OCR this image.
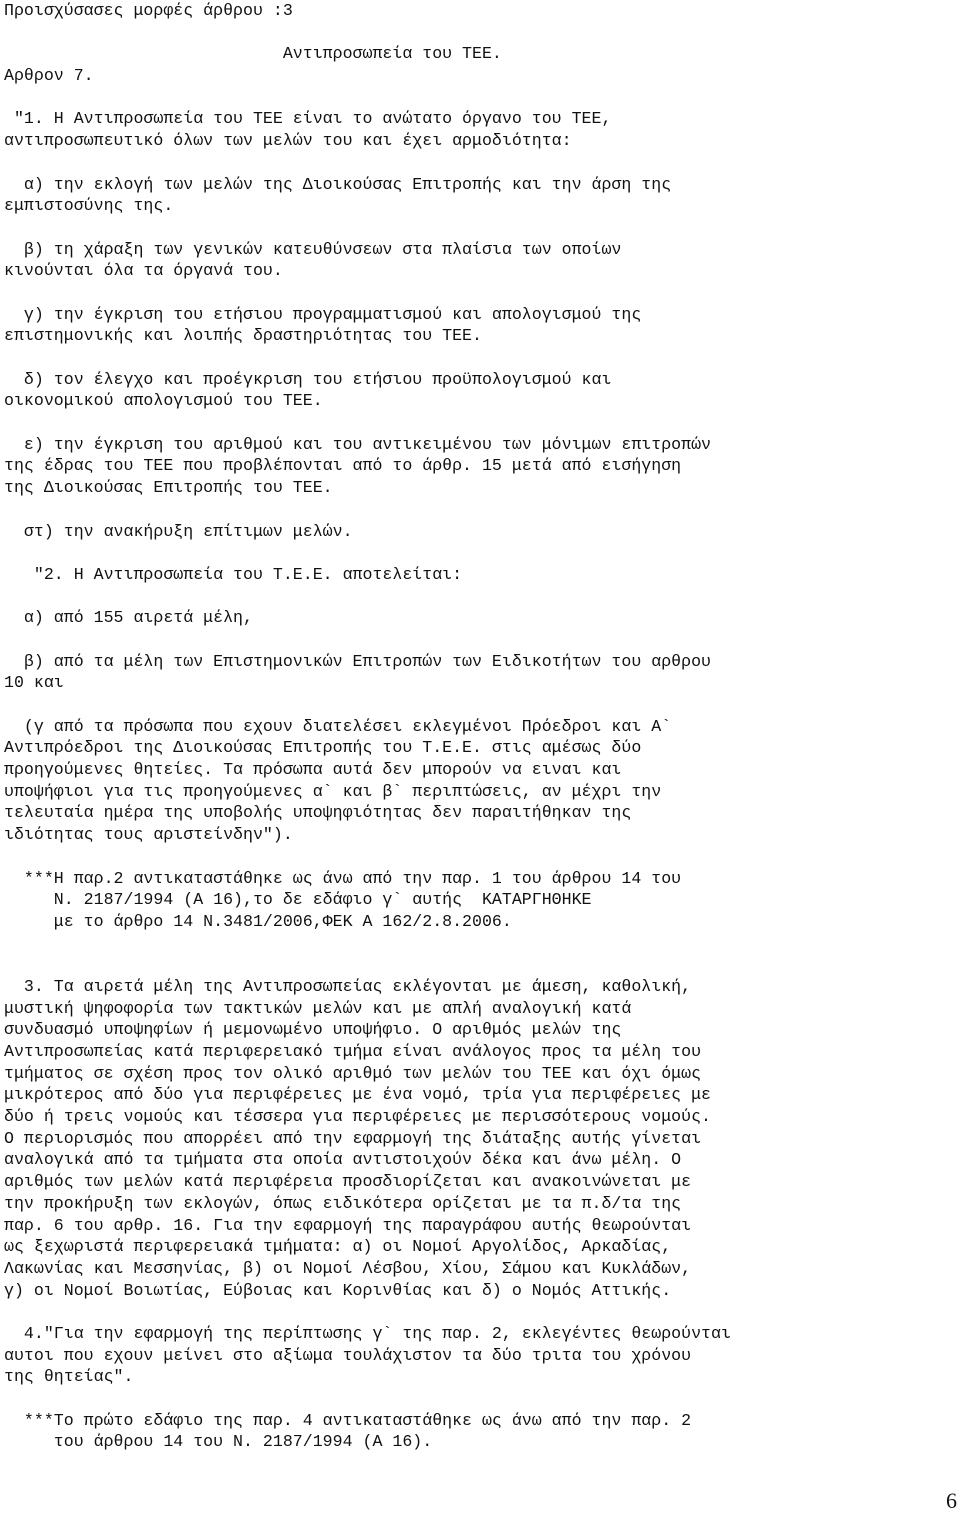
Προισχύσασες μορφές άρθρου :3
Αντιπροσωπεία του ΤΕΕ.
Αρθρον 7.
"1. Η Αντιπροσωπεία του ΤΕΕ είναι το ανώτατο όργανο του ΤΕΕ,
αντιπροσωπευτικό όλων των μελών του και έχει αρμοδιότητα:
α) την εκλογή των μελών της Διοικούσας Επιτροπής και την άρση της
εμπιστοσύνης της.
β) τη χάραξη των γενικών κατευθύνσεων στα πλαίσια των οποίων
κινούνται όλα τα όργανά του.
γ) την έγκριση του ετήσιου προγραμματισμού και απολογισμού της
επιστημονικής και λοιπής δραστηριότητας του ΤΕΕ.
δ) τον έλεγχο και προέγκριση του ετήσιου προϋπολογισμού και
οικονομικού απολογισμού του ΤΕΕ.
ε) την έγκριση του αριθμού και του αντικειμένου των μόνιμων επιτροπών
της έδρας του ΤΕΕ που προβλέπονται από το άρθρ. 15 μετά από εισήγηση
της Διοικούσας Επιτροπής του ΤΕΕ.
στ) την ανακήρυξη επίτιμων μελών.
"2. Η Αντιπροσωπεία του Τ.Ε.Ε. αποτελείται:
α) από 155 αιρετά μέλη,
β) από τα μέλη των Επιστημονικών Επιτροπών των Ειδικοτήτων του αρθρου
10 και
(γ από τα πρόσωπα που εχουν διατελέσει εκλεγμένοι Πρόεδροι και Α`
Αντιπρόεδροι της Διοικούσας Επιτροπής του Τ.Ε.Ε. στις αμέσως δύο
προηγούμενες θητείες. Τα πρόσωπα αυτά δεν μπορούν να ειναι και
υποψήφιοι για τις προηγούμενες α` και β` περιπτώσεις, αν μέχρι την
τελευταία ημέρα της υποβολής υποψηφιότητας δεν παραιτήθηκαν της
ιδιότητας τους αριστείνδην").
***Η παρ.2 αντικαταστάθηκε ως άνω από την παρ. 1 του άρθρου 14 του
Ν. 2187/1994 (Α 16),το δε εδάφιο γ` αυτής  ΚΑΤΑΡΓΗΘΗΚΕ
με το άρθρο 14 Ν.3481/2006,ΦΕΚ Α 162/2.8.2006.
3. Τα αιρετά μέλη της Αντιπροσωπείας εκλέγονται με άμεση, καθολική,
μυστική ψηφοφορία των τακτικών μελών και με απλή αναλογική κατά
συνδυασμό υποψηφίων ή μεμονωμένο υποψήφιο. Ο αριθμός μελών της
Αντιπροσωπείας κατά περιφερειακό τμήμα είναι ανάλογος προς τα μέλη του
τμήματος σε σχέση προς τον ολικό αριθμό των μελών του ΤΕΕ και όχι όμως
μικρότερος από δύο για περιφέρειες με ένα νομό, τρία για περιφέρειες με
δύο ή τρεις νομούς και τέσσερα για περιφέρειες με περισσότερους νομούς.
Ο περιορισμός που απορρέει από την εφαρμογή της διάταξης αυτής γίνεται
αναλογικά από τα τμήματα στα οποία αντιστοιχούν δέκα και άνω μέλη. Ο
αριθμός των μελών κατά περιφέρεια προσδιορίζεται και ανακοινώνεται με
την προκήρυξη των εκλογών, όπως ειδικότερα ορίζεται με τα π.δ/τα της
παρ. 6 του αρθρ. 16. Για την εφαρμογή της παραγράφου αυτής θεωρούνται
ως ξεχωριστά περιφερειακά τμήματα: α) οι Νομοί Αργολίδος, Αρκαδίας,
Λακωνίας και Μεσσηνίας, β) οι Νομοί Λέσβου, Χίου, Σάμου και Κυκλάδων,
γ) οι Νομοί Βοιωτίας, Εύβοιας και Κορινθίας και δ) ο Νομός Αττικής.
4."Για την εφαρμογή της περίπτωσης γ` της παρ. 2, εκλεγέντες θεωρούνται
αυτοι που εχουν μείνει στο αξίωμα τουλάχιστον τα δύο τριτα του χρόνου
της θητείας".
***Το πρώτο εδάφιο της παρ. 4 αντικαταστάθηκε ως άνω από την παρ. 2
του άρθρου 14 του Ν. 2187/1994 (Α 16).
6
